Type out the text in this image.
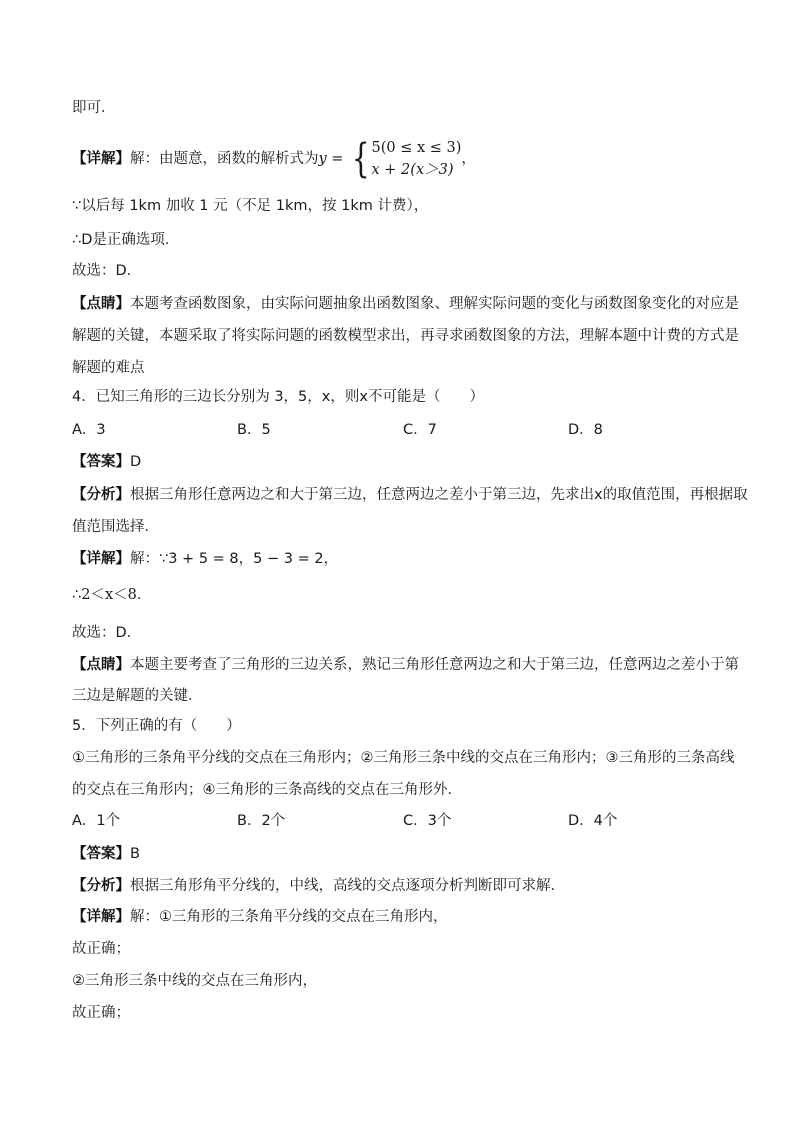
即可．
【详解】解：由题意，函数的解析式为y = { 5(0 ≤ x ≤ 3)
x + 2(x＞3)
，
∵以后每 1km 加收 1 元（不足 1km，按 1km 计费），
∴D是正确选项．
故选：D．
【点睛】本题考查函数图象，由实际问题抽象出函数图象、理解实际问题的变化与函数图象变化的对应是
解题的关键，本题采取了将实际问题的函数模型求出，再寻求函数图象的方法，理解本题中计费的方式是
解题的难点
4．已知三角形的三边长分别为 3，5，x，则x不可能是（　　）
A．3	B．5	C．7	D．8
【答案】D
【分析】根据三角形任意两边之和大于第三边，任意两边之差小于第三边，先求出x的取值范围，再根据取
值范围选择．
【详解】解：∵3 + 5 = 8，5 − 3 = 2，
∴2＜x＜8．
故选：D．
【点睛】本题主要考查了三角形的三边关系，熟记三角形任意两边之和大于第三边，任意两边之差小于第
三边是解题的关键．
5．下列正确的有（　　）
①三角形的三条角平分线的交点在三角形内；②三角形三条中线的交点在三角形内；③三角形的三条高线
的交点在三角形内；④三角形的三条高线的交点在三角形外．
A．1个	B．2个	C．3个	D．4个
【答案】B
【分析】根据三角形角平分线的，中线，高线的交点逐项分析判断即可求解．
【详解】解：①三角形的三条角平分线的交点在三角形内，
故正确；
②三角形三条中线的交点在三角形内，
故正确；
